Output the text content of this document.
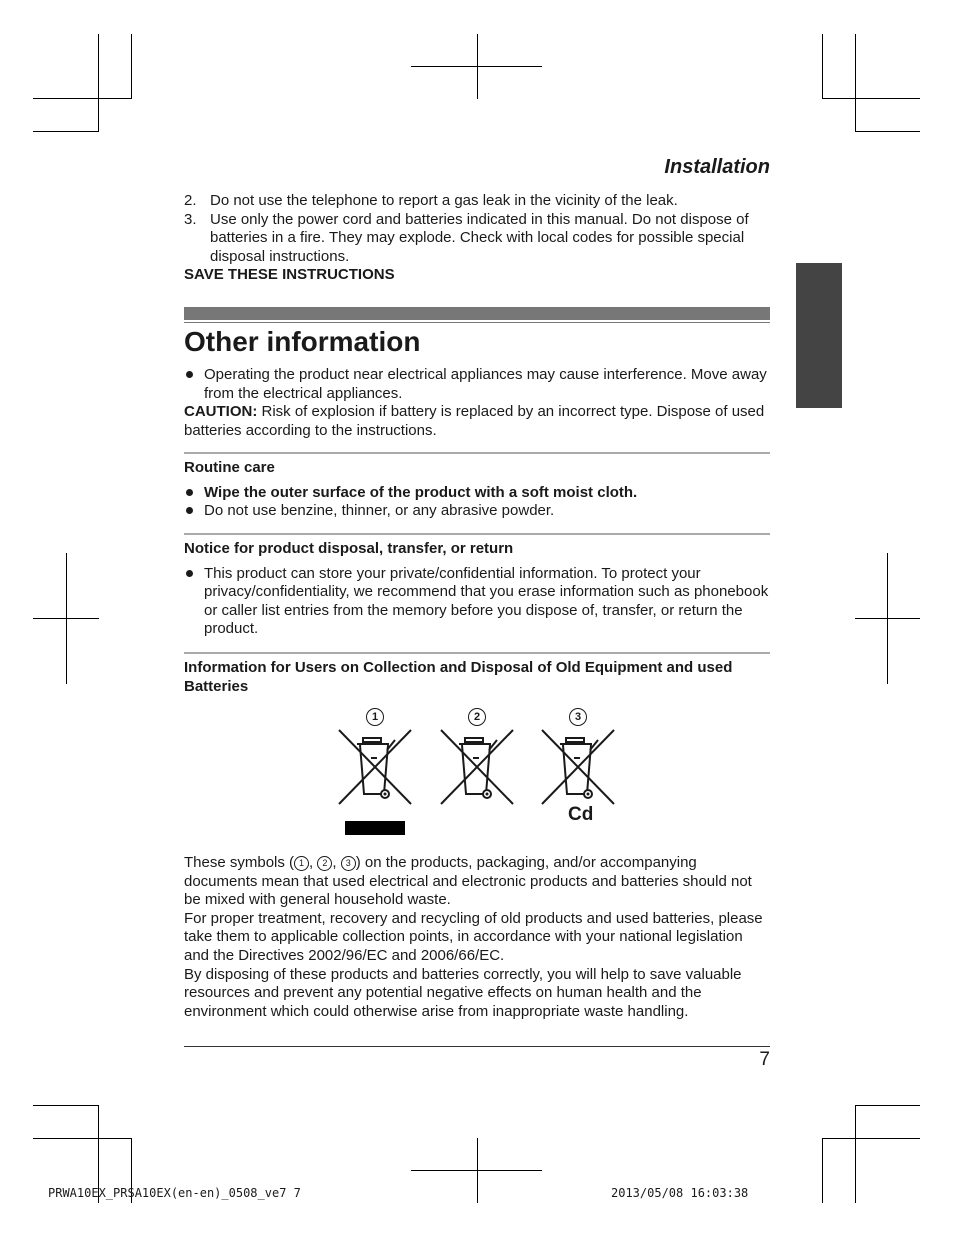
Installation
2. Do not use the telephone to report a gas leak in the vicinity of the leak.
3. Use only the power cord and batteries indicated in this manual. Do not dispose of batteries in a fire. They may explode. Check with local codes for possible special disposal instructions.
SAVE THESE INSTRUCTIONS
Other information
Operating the product near electrical appliances may cause interference. Move away from the electrical appliances.
CAUTION: Risk of explosion if battery is replaced by an incorrect type. Dispose of used batteries according to the instructions.
Routine care
Wipe the outer surface of the product with a soft moist cloth.
Do not use benzine, thinner, or any abrasive powder.
Notice for product disposal, transfer, or return
This product can store your private/confidential information. To protect your privacy/confidentiality, we recommend that you erase information such as phonebook or caller list entries from the memory before you dispose of, transfer, or return the product.
Information for Users on Collection and Disposal of Old Equipment and used Batteries
1	2	3
Cd
These symbols ( 1 , 2 , 3 ) on the products, packaging, and/or accompanying documents mean that used electrical and electronic products and batteries should not be mixed with general household waste.
For proper treatment, recovery and recycling of old products and used batteries, please take them to applicable collection points, in accordance with your national legislation and the Directives 2002/96/EC and 2006/66/EC.
By disposing of these products and batteries correctly, you will help to save valuable resources and prevent any potential negative effects on human health and the environment which could otherwise arise from inappropriate waste handling.
7
PRWA10EX_PRSA10EX(en-en)_0508_ve7 7	2013/05/08 16:03:38
